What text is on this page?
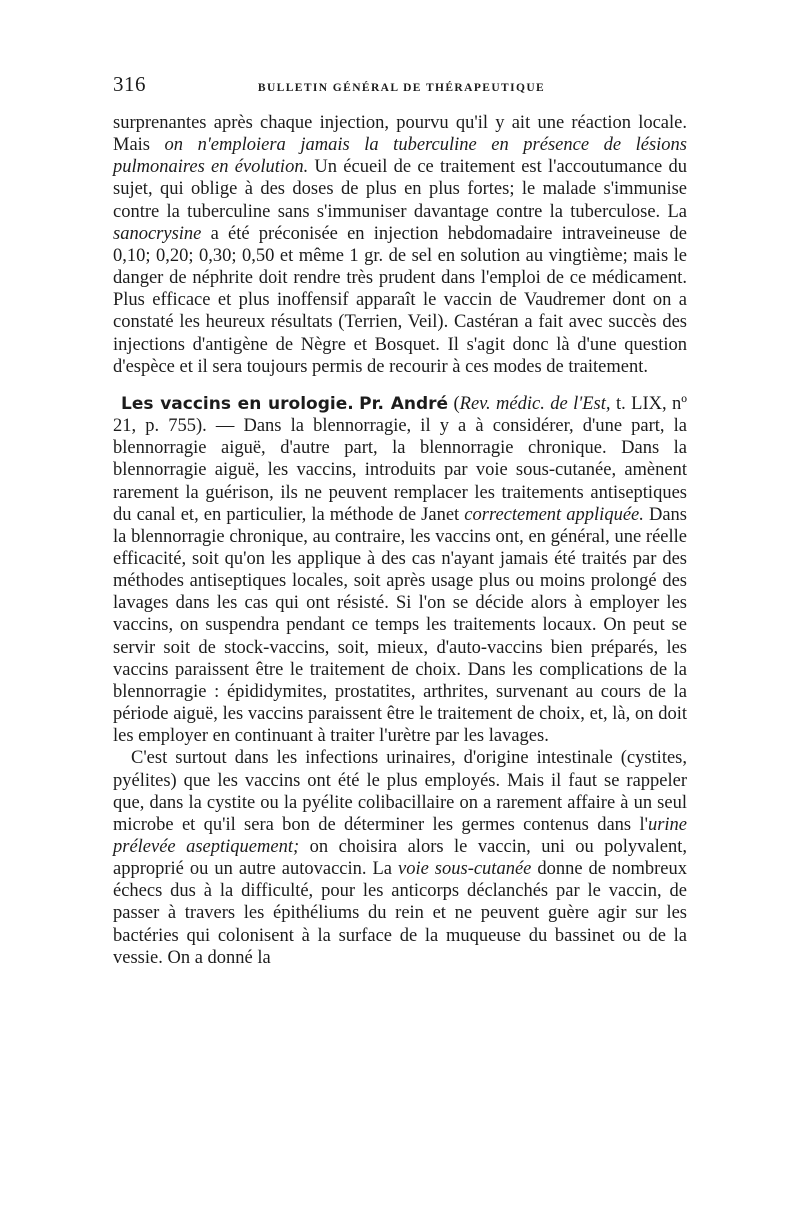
316	BULLETIN GÉNÉRAL DE THÉRAPEUTIQUE

surprenantes après chaque injection, pourvu qu'il y ait une réaction locale. Mais on n'emploiera jamais la tuberculine en présence de lésions pulmonaires en évolution. Un écueil de ce traitement est l'accoutumance du sujet, qui oblige à des doses de plus en plus fortes; le malade s'immunise contre la tuberculine sans s'immuniser davantage contre la tuberculose. La sanocrysine a été préconisée en injection hebdomadaire intraveineuse de 0,10; 0,20; 0,30; 0,50 et même 1 gr. de sel en solution au vingtième; mais le danger de néphrite doit rendre très prudent dans l'emploi de ce médicament. Plus efficace et plus inoffensif apparaît le vaccin de Vaudremer dont on a constaté les heureux résultats (Terrien, Veil). Castéran a fait avec succès des injections d'antigène de Nègre et Bosquet. Il s'agit donc là d'une question d'espèce et il sera toujours permis de recourir à ces modes de traitement.

Les vaccins en urologie. Pr. André (Rev. médic. de l'Est, t. LIX, nº 21, p. 755). — Dans la blennorragie, il y a à considérer, d'une part, la blennorragie aiguë, d'autre part, la blennorragie chronique. Dans la blennorragie aiguë, les vaccins, introduits par voie sous-cutanée, amènent rarement la guérison, ils ne peuvent remplacer les traitements antiseptiques du canal et, en particulier, la méthode de Janet correctement appliquée. Dans la blennorragie chronique, au contraire, les vaccins ont, en général, une réelle efficacité, soit qu'on les applique à des cas n'ayant jamais été traités par des méthodes antiseptiques locales, soit après usage plus ou moins prolongé des lavages dans les cas qui ont résisté. Si l'on se décide alors à employer les vaccins, on suspendra pendant ce temps les traitements locaux. On peut se servir soit de stock-vaccins, soit, mieux, d'auto-vaccins bien préparés, les vaccins paraissent être le traitement de choix. Dans les complications de la blennorragie : épididymites, prostatites, arthrites, survenant au cours de la période aiguë, les vaccins paraissent être le traitement de choix, et, là, on doit les employer en continuant à traiter l'urètre par les lavages.

C'est surtout dans les infections urinaires, d'origine intestinale (cystites, pyélites) que les vaccins ont été le plus employés. Mais il faut se rappeler que, dans la cystite ou la pyélite colibacillaire on a rarement affaire à un seul microbe et qu'il sera bon de déterminer les germes contenus dans l'urine prélevée aseptiquement; on choisira alors le vaccin, uni ou polyvalent, approprié ou un autre autovaccin. La voie sous-cutanée donne de nombreux échecs dus à la difficulté, pour les anticorps déclanchés par le vaccin, de passer à travers les épithéliums du rein et ne peuvent guère agir sur les bactéries qui colonisent à la surface de la muqueuse du bassinet ou de la vessie. On a donné la
